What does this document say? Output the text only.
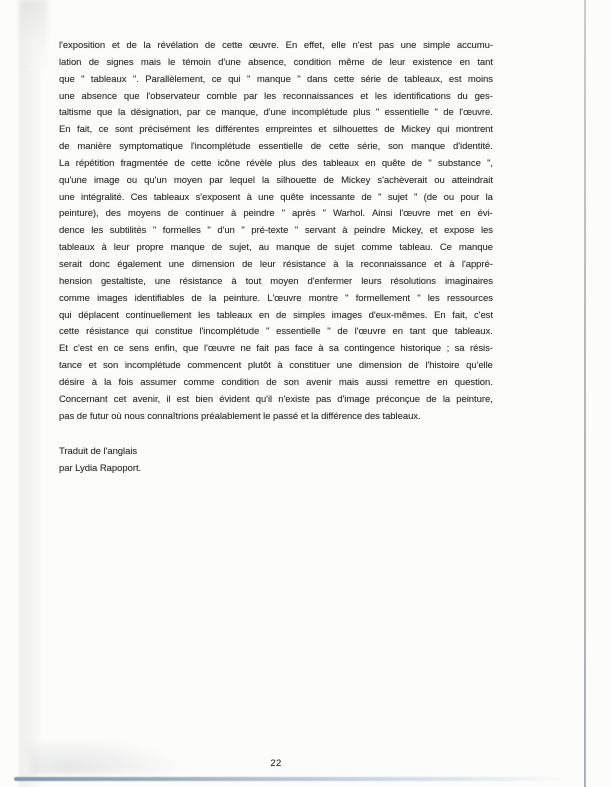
l'exposition et de la révélation de cette œuvre. En effet, elle n'est pas une simple accumu-
lation de signes mais le témoin d'une absence, condition même de leur existence en tant
que " tableaux ". Parallèlement, ce qui " manque " dans cette série de tableaux, est moins
une absence que l'observateur comble par les reconnaissances et les identifications du ges-
taltisme que la désignation, par ce manque, d'une incomplétude plus " essentielle " de l'œuvre.
En fait, ce sont précisément les différentes empreintes et silhouettes de Mickey qui montrent
de manière symptomatique l'incomplétude essentielle de cette série, son manque d'identité.
La répétition fragmentée de cette icône révèle plus des tableaux en quête de " substance ",
qu'une image ou qu'un moyen par lequel la silhouette de Mickey s'achèverait ou atteindrait
une intégralité. Ces tableaux s'exposent à une quête incessante de " sujet " (de ou pour la
peinture), des moyens de continuer à peindre " après " Warhol. Ainsi l'œuvre met en évi-
dence les subtilités " formelles " d'un " pré-texte " servant à peindre Mickey, et expose les
tableaux à leur propre manque de sujet, au manque de sujet comme tableau. Ce manque
serait donc également une dimension de leur résistance à la reconnaissance et à l'appré-
hension gestaltiste, une résistance à tout moyen d'enfermer leurs résolutions imaginaires
comme images identifiables de la peinture. L'œuvre montre " formellement " les ressources
qui déplacent continuellement les tableaux en de simples images d'eux-mêmes. En fait, c'est
cette résistance qui constitue l'incomplétude " essentielle " de l'œuvre en tant que tableaux.
Et c'est en ce sens enfin, que l'œuvre ne fait pas face à sa contingence historique ; sa résis-
tance et son incomplétude commencent plutôt à constituer une dimension de l'histoire qu'elle
désire à la fois assumer comme condition de son avenir mais aussi remettre en question.
Concernant cet avenir, il est bien évident qu'il n'existe pas d'image préconçue de la peinture,
pas de futur où nous connaîtrions préalablement le passé et la différence des tableaux.
Traduit de l'anglais
par Lydia Rapoport.
22
